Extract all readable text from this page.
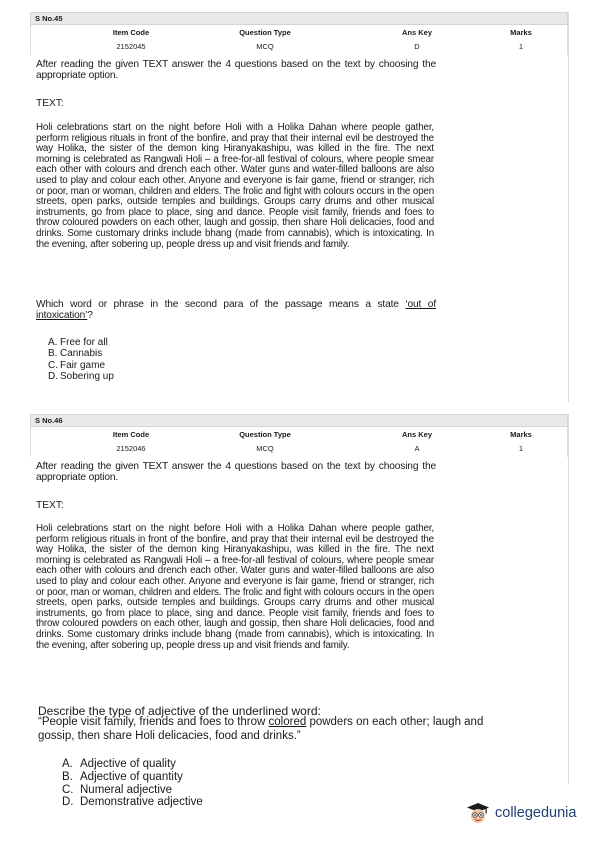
S No.45
Item Code	Question Type	Ans Key	Marks
2152045	MCQ	D	1

After reading the given TEXT answer the 4 questions based on the text by choosing the appropriate option.

TEXT:

Holi celebrations start on the night before Holi with a Holika Dahan where people gather, perform religious rituals in front of the bonfire, and pray that their internal evil be destroyed the way Holika, the sister of the demon king Hiranyakashipu, was killed in the fire. The next morning is celebrated as Rangwali Holi – a free-for-all festival of colours, where people smear each other with colours and drench each other. Water guns and water-filled balloons are also used to play and colour each other. Anyone and everyone is fair game, friend or stranger, rich or poor, man or woman, children and elders. The frolic and fight with colours occurs in the open streets, open parks, outside temples and buildings. Groups carry drums and other musical instruments, go from place to place, sing and dance. People visit family, friends and foes to throw coloured powders on each other, laugh and gossip, then share Holi delicacies, food and drinks. Some customary drinks include bhang (made from cannabis), which is intoxicating. In the evening, after sobering up, people dress up and visit friends and family.

Which word or phrase in the second para of the passage means a state ‘out of intoxication’?

A. Free for all
B. Cannabis
C. Fair game
D. Sobering up
S No.46
Item Code	Question Type	Ans Key	Marks
2152046	MCQ	A	1

After reading the given TEXT answer the 4 questions based on the text by choosing the appropriate option.

TEXT:

Holi celebrations start on the night before Holi with a Holika Dahan where people gather, perform religious rituals in front of the bonfire, and pray that their internal evil be destroyed the way Holika, the sister of the demon king Hiranyakashipu, was killed in the fire. The next morning is celebrated as Rangwali Holi – a free-for-all festival of colours, where people smear each other with colours and drench each other. Water guns and water-filled balloons are also used to play and colour each other. Anyone and everyone is fair game, friend or stranger, rich or poor, man or woman, children and elders. The frolic and fight with colours occurs in the open streets, open parks, outside temples and buildings. Groups carry drums and other musical instruments, go from place to place, sing and dance. People visit family, friends and foes to throw coloured powders on each other, laugh and gossip, then share Holi delicacies, food and drinks. Some customary drinks include bhang (made from cannabis), which is intoxicating. In the evening, after sobering up, people dress up and visit friends and family.

Describe the type of adjective of the underlined word:

“People visit family, friends and foes to throw colored powders on each other; laugh and gossip, then share Holi delicacies, food and drinks.”

A. Adjective of quality
B. Adjective of quantity
C. Numeral adjective
D. Demonstrative adjective
collegedunia
